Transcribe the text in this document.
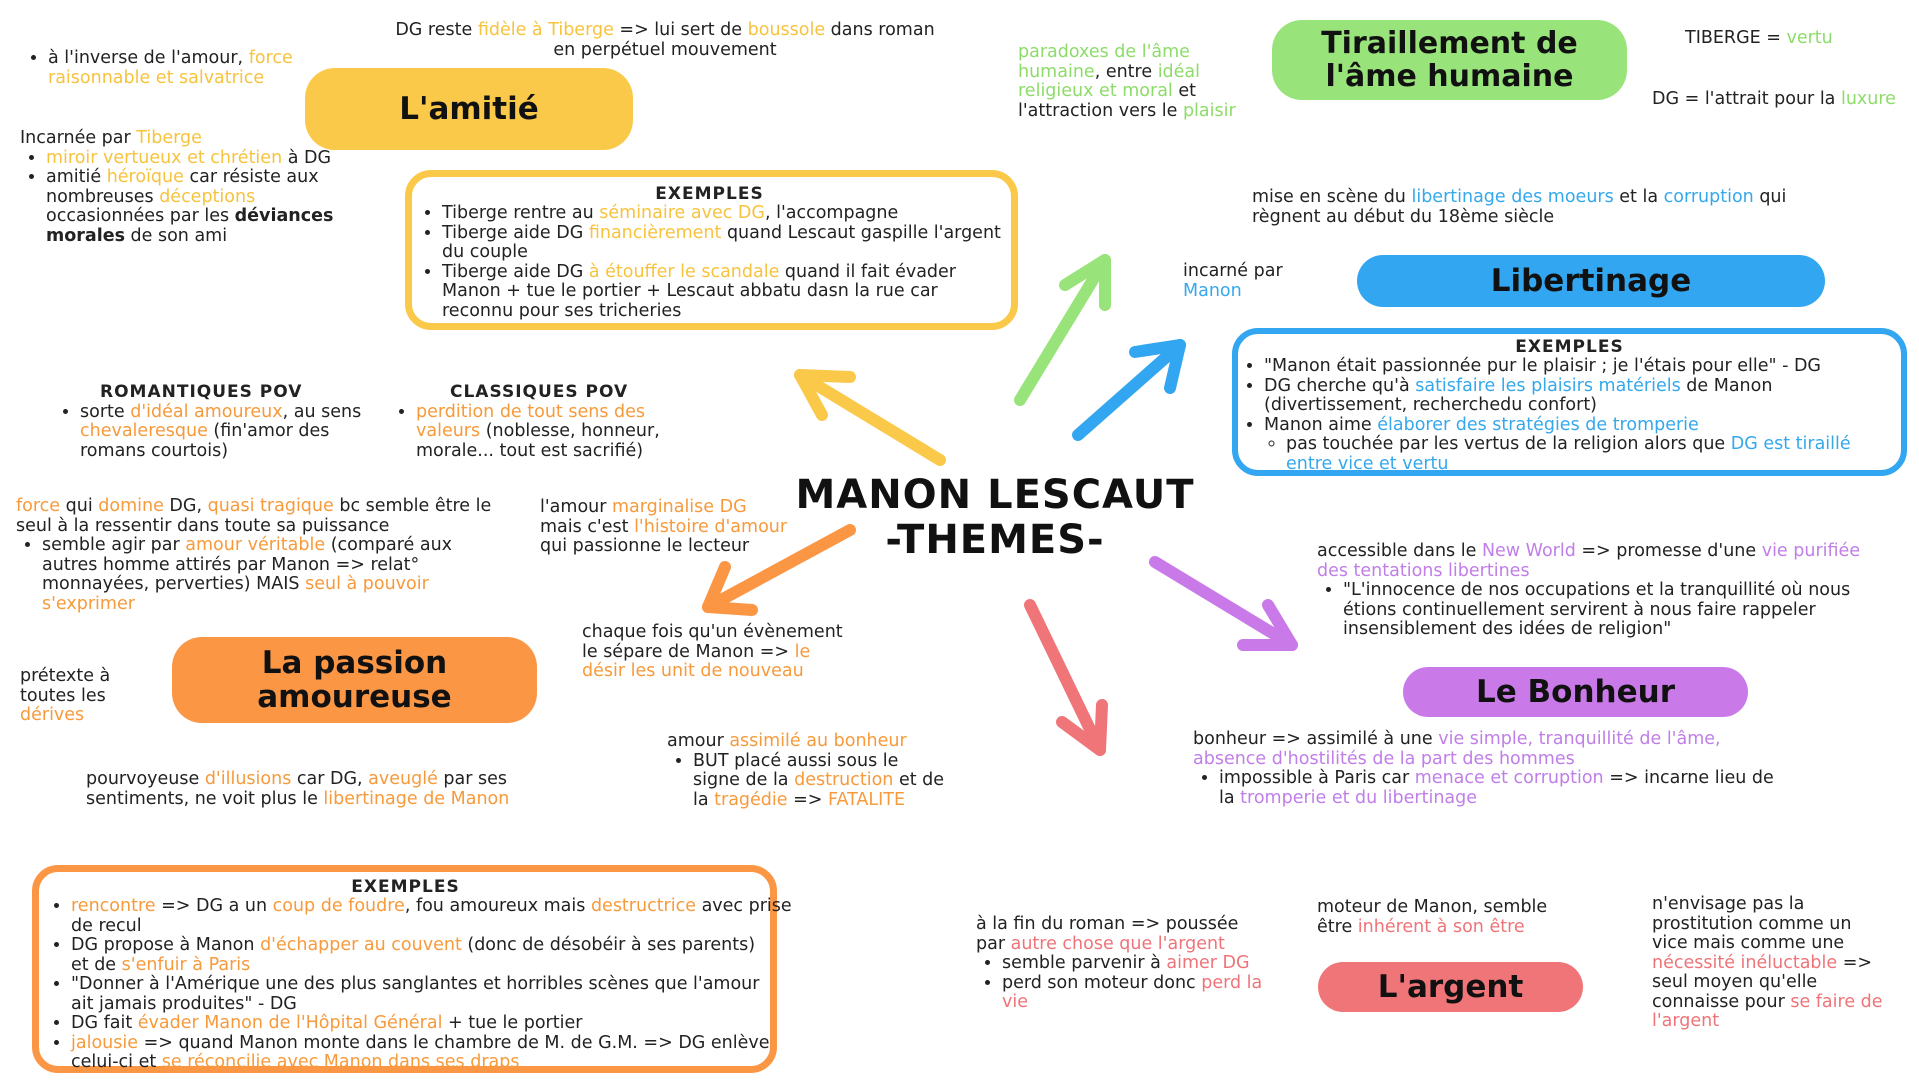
MANON LESCAUT
-THEMES-
L'amitié
DG reste fidèle à Tiberge => lui sert de boussole dans roman en perpétuel mouvement
• à l'inverse de l'amour, force raisonnable et salvatrice
Incarnée par Tiberge
• miroir vertueux et chrétien à DG
• amitié héroïque car résiste aux nombreuses déceptions occasionnées par les déviances morales de son ami
EXEMPLES
• Tiberge rentre au séminaire avec DG, l'accompagne
• Tiberge aide DG financièrement quand Lescaut gaspille l'argent du couple
• Tiberge aide DG à étouffer le scandale quand il fait évader Manon + tue le portier + Lescaut abbatu dasn la rue car reconnu pour ses tricheries
ROMANTIQUES POV
• sorte d'idéal amoureux, au sens chevaleresque (fin'amor des romans courtois)
CLASSIQUES POV
• perdition de tout sens des valeurs (noblesse, honneur, morale... tout est sacrifié)
force qui domine DG, quasi tragique bc semble être le seul à la ressentir dans toute sa puissance
• semble agir par amour véritable (comparé aux autres homme attirés par Manon => relat° monnayées, perverties) MAIS seul à pouvoir s'exprimer
l'amour marginalise DG mais c'est l'histoire d'amour qui passionne le lecteur
La passion amoureuse
prétexte à toutes les dérives
chaque fois qu'un évènement le sépare de Manon => le désir les unit de nouveau
pourvoyeuse d'illusions car DG, aveuglé par ses sentiments, ne voit plus le libertinage de Manon
amour assimilé au bonheur
• BUT placé aussi sous le signe de la destruction et de la tragédie => FATALITE
EXEMPLES
• rencontre => DG a un coup de foudre, fou amoureux mais destructrice avec prise de recul
• DG propose à Manon d'échapper au couvent (donc de désobéir à ses parents) et de s'enfuir à Paris
• "Donner à l'Amérique une des plus sanglantes et horribles scènes que l'amour ait jamais produites" - DG
• DG fait évader Manon de l'Hôpital Général + tue le portier
• jalousie => quand Manon monte dans le chambre de M. de G.M. => DG enlève celui-ci et se réconcilie avec Manon dans ses draps
paradoxes de l'âme humaine, entre idéal religieux et moral et l'attraction vers le plaisir
Tiraillement de l'âme humaine
TIBERGE = vertu
DG = l'attrait pour la luxure
mise en scène du libertinage des moeurs et la corruption qui règnent au début du 18ème siècle
incarné par Manon	Libertinage
EXEMPLES
• "Manon était passionnée pur le plaisir ; je l'étais pour elle" - DG
• DG cherche qu'à satisfaire les plaisirs matériels de Manon (divertissement, recherchedu confort)
• Manon aime élaborer des stratégies de tromperie
◦ pas touchée par les vertus de la religion alors que DG est tiraillé entre vice et vertu
accessible dans le New World => promesse d'une vie purifiée des tentations libertines
• "L'innocence de nos occupations et la tranquillité où nous étions continuellement servirent à nous faire rappeler insensiblement des idées de religion"
Le Bonheur
bonheur => assimilé à une vie simple, tranquillité de l'âme, absence d'hostilités de la part des hommes
• impossible à Paris car menace et corruption => incarne lieu de la tromperie et du libertinage
à la fin du roman => poussée par autre chose que l'argent
• semble parvenir à aimer DG
• perd son moteur donc perd la vie
moteur de Manon, semble être inhérent à son être
L'argent
n'envisage pas la prostitution comme un vice mais comme une nécessité inéluctable => seul moyen qu'elle connaisse pour se faire de l'argent
